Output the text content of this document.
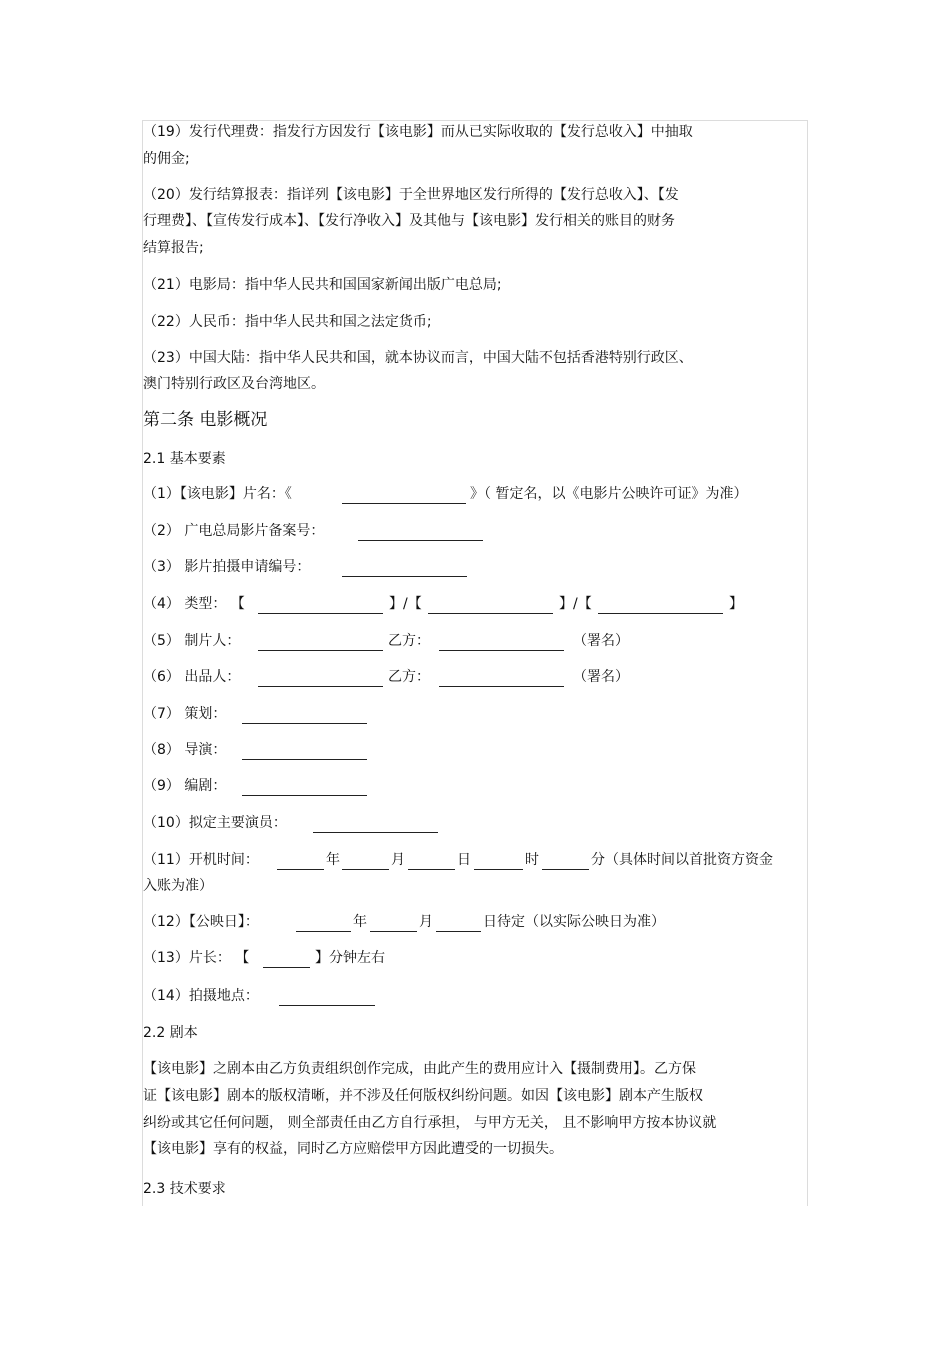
（19）发行代理费：指发行方因发行【该电影】而从已实际收取的【发行总收入】中抽取
的佣金;
（20）发行结算报表：指详列【该电影】于全世界地区发行所得的【发行总收入】、【发
行理费】、【宣传发行成本】、【发行净收入】及其他与【该电影】发行相关的账目的财务
结算报告;
（21）电影局：指中华人民共和国国家新闻出版广电总局;
（22）人民币：指中华人民共和国之法定货币;
（23）中国大陆：指中华人民共和国，就本协议而言，中国大陆不包括香港特别行政区、
澳门特别行政区及台湾地区。
第二条 电影概况
2.1 基本要素
（1）【该电影】片名：《	》（ 暂定名，以《电影片公映许可证》为准）
（2） 广电总局影片备案号：
（3） 影片拍摄申请编号：
（4） 类型： 【	】/【	】/【	】
（5） 制片人：	乙方：	（署名）
（6） 出品人：	乙方：	（署名）
（7） 策划：
（8） 导演：
（9） 编剧：
（10）拟定主要演员：
（11）开机时间：	年	月	日	时	分（具体时间以首批资方资金
入账为准）
（12）【公映日】：	年	月	日待定（以实际公映日为准）
（13）片长： 【	】分钟左右
（14）拍摄地点：
2.2 剧本
【该电影】之剧本由乙方负责组织创作完成，由此产生的费用应计入【摄制费用】。乙方保
证【该电影】剧本的版权清晰，并不涉及任何版权纠纷问题。如因【该电影】剧本产生版权
纠纷或其它任何问题， 则全部责任由乙方自行承担， 与甲方无关， 且不影响甲方按本协议就
【该电影】享有的权益，同时乙方应赔偿甲方因此遭受的一切损失。
2.3 技术要求
